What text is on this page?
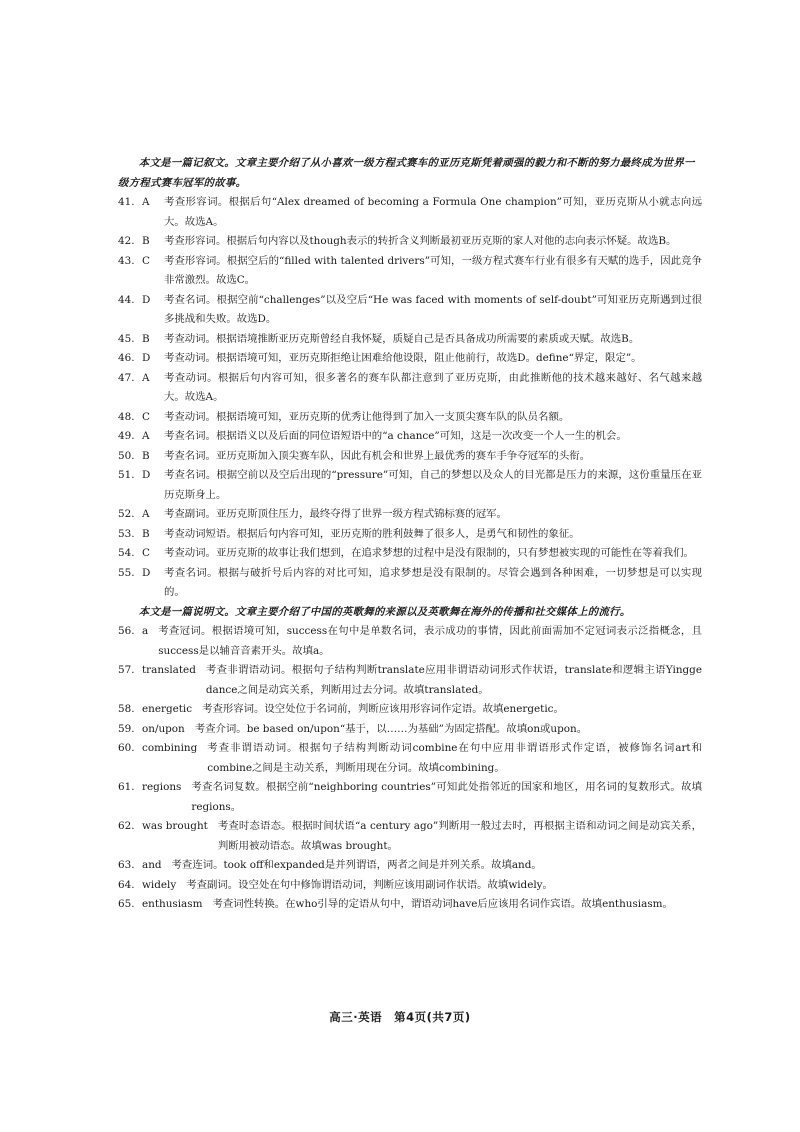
本文是一篇记叙文。文章主要介绍了从小喜欢一级方程式赛车的亚历克斯凭着顽强的毅力和不断的努力最终成为世界一级方程式赛车冠军的故事。

41. A	考查形容词。根据后句“Alex dreamed of becoming a Formula One champion”可知，亚历克斯从小就志向远大。故选A。
42. B	考查形容词。根据后句内容以及though表示的转折含义判断最初亚历克斯的家人对他的志向表示怀疑。故选B。
43. C	考查形容词。根据空后的“filled with talented drivers”可知，一级方程式赛车行业有很多有天赋的选手，因此竞争非常激烈。故选C。
44. D	考查名词。根据空前“challenges”以及空后“He was faced with moments of self-doubt”可知亚历克斯遇到过很多挑战和失败。故选D。
45. B	考查动词。根据语境推断亚历克斯曾经自我怀疑，质疑自己是否具备成功所需要的素质或天赋。故选B。
46. D	考查动词。根据语境可知，亚历克斯拒绝让困难给他设限，阻止他前行，故选D。define“界定，限定”。
47. A	考查动词。根据后句内容可知，很多著名的赛车队都注意到了亚历克斯，由此推断他的技术越来越好、名气越来越大。故选A。
48. C	考查动词。根据语境可知，亚历克斯的优秀让他得到了加入一支顶尖赛车队的队员名额。
49. A	考查名词。根据语义以及后面的同位语短语中的“a chance”可知，这是一次改变一个人一生的机会。
50. B	考查名词。亚历克斯加入顶尖赛车队，因此有机会和世界上最优秀的赛车手争夺冠军的头衔。
51. D	考查名词。根据空前以及空后出现的“pressure”可知，自己的梦想以及众人的目光都是压力的来源，这份重量压在亚历克斯身上。
52. A	考查副词。亚历克斯顶住压力，最终夺得了世界一级方程式锦标赛的冠军。
53. B	考查动词短语。根据后句内容可知，亚历克斯的胜利鼓舞了很多人，是勇气和韧性的象征。
54. C	考查动词。亚历克斯的故事让我们想到，在追求梦想的过程中是没有限制的，只有梦想被实现的可能性在等着我们。
55. D	考查名词。根据与破折号后内容的对比可知，追求梦想是没有限制的。尽管会遇到各种困难，一切梦想是可以实现的。

本文是一篇说明文。文章主要介绍了中国的英歌舞的来源以及英歌舞在海外的传播和社交媒体上的流行。

56. a 考查冠词。根据语境可知，success在句中是单数名词，表示成功的事情，因此前面需加不定冠词表示泛指概念，且success是以辅音音素开头。故填a。
57. translated 考查非谓语动词。根据句子结构判断translate应用非谓语动词形式作状语，translate和逻辑主语Yingge dance之间是动宾关系，判断用过去分词。故填translated。
58. energetic 考查形容词。设空处位于名词前，判断应该用形容词作定语。故填energetic。
59. on/upon 考查介词。be based on/upon“基于，以……为基础”为固定搭配。故填on或upon。
60. combining 考查非谓语动词。根据句子结构判断动词combine在句中应用非谓语形式作定语，被修饰名词art和combine之间是主动关系，判断用现在分词。故填combining。
61. regions 考查名词复数。根据空前“neighboring countries”可知此处指邻近的国家和地区，用名词的复数形式。故填regions。
62. was brought 考查时态语态。根据时间状语“a century ago”判断用一般过去时，再根据主语和动词之间是动宾关系，判断用被动语态。故填was brought。
63. and 考查连词。took off和expanded是并列谓语，两者之间是并列关系。故填and。
64. widely 考查副词。设空处在句中修饰谓语动词，判断应该用副词作状语。故填widely。
65. enthusiasm 考查词性转换。在who引导的定语从句中，谓语动词have后应该用名词作宾语。故填enthusiasm。
高三·英语　第4页(共7页)
